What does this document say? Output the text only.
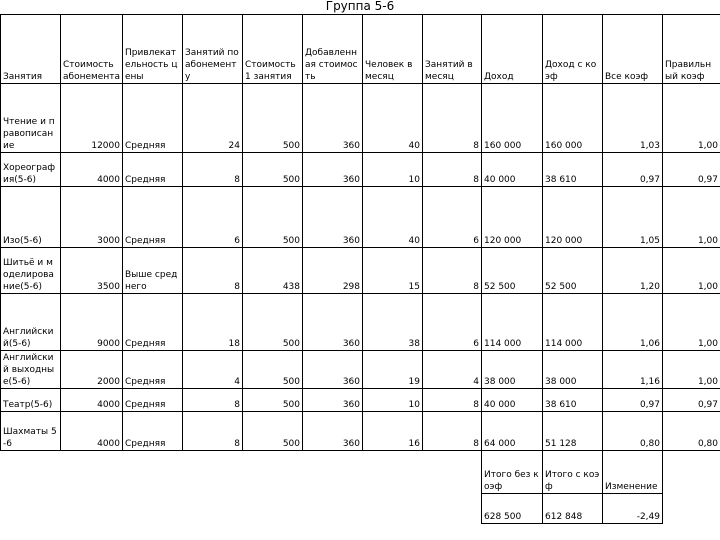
Группа 5-6
Занятия	Стоимость абонемента	Привлекательность цены	Занятий по абонементу	Стоимость 1 занятия	Добавленная стоимость	Человек в месяц	Занятий в месяц	Доход	Доход с коэф	Все коэф	Правильный коэф
Чтение и правописание	12000	Средняя	24	500	360	40	8	160 000	160 000	1,03	1,00
Хореография(5-6)	4000	Средняя	8	500	360	10	8	40 000	38 610	0,97	0,97
Изо(5-6)	3000	Средняя	6	500	360	40	6	120 000	120 000	1,05	1,00
Шитьё и моделирование(5-6)	3500	Выше среднего	8	438	298	15	8	52 500	52 500	1,20	1,00
Английский(5-6)	9000	Средняя	18	500	360	38	6	114 000	114 000	1,06	1,00
Английский выходные(5-6)	2000	Средняя	4	500	360	19	4	38 000	38 000	1,16	1,00
Театр(5-6)	4000	Средняя	8	500	360	10	8	40 000	38 610	0,97	0,97
Шахматы 5-6	4000	Средняя	8	500	360	16	8	64 000	51 128	0,80	0,80
								Итого без коэф	Итого с коэф	Изменение	
								628 500	612 848	-2,49	
